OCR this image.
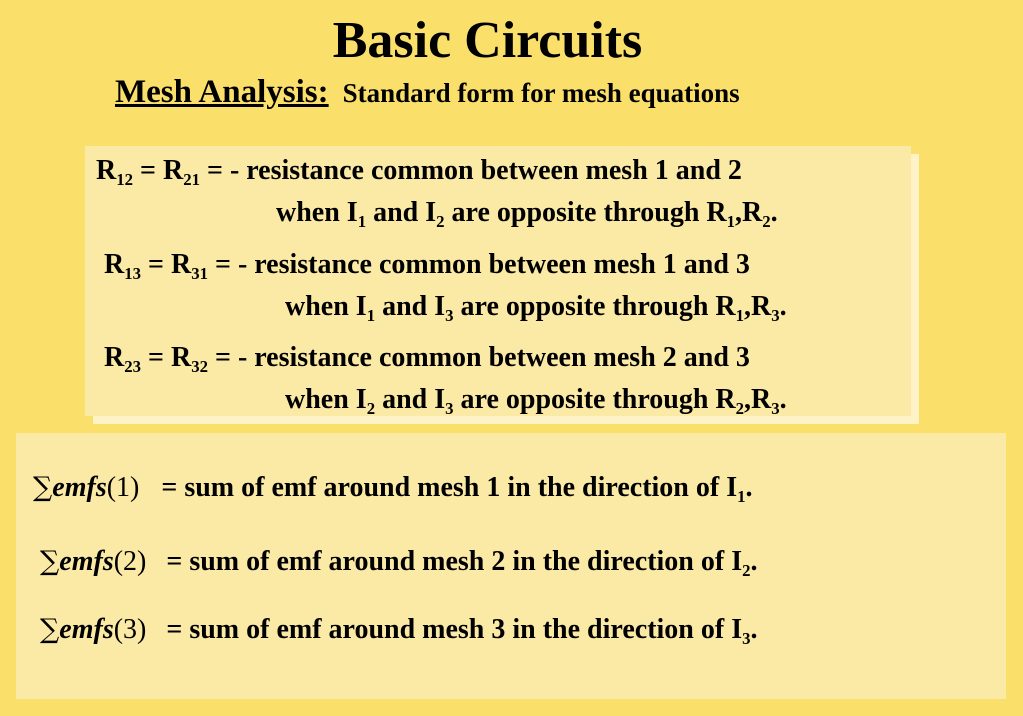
Basic Circuits
Mesh Analysis: Standard form for mesh equations
$R_{12} = R_{21}$ = - resistance common between mesh 1 and 2
when $I_1$ and $I_2$ are opposite through $R_1,R_2$.
$R_{13} = R_{31}$ = - resistance common between mesh 1 and 3
when $I_1$ and $I_3$ are opposite through $R_1,R_3$.
$R_{23} = R_{32}$ = - resistance common between mesh 2 and 3
when $I_2$ and $I_3$ are opposite through $R_2,R_3$.
∑emfs(1) = sum of emf around mesh 1 in the direction of $I_1$.
∑emfs(2) = sum of emf around mesh 2 in the direction of $I_2$.
∑emfs(3) = sum of emf around mesh 3 in the direction of $I_3$.
